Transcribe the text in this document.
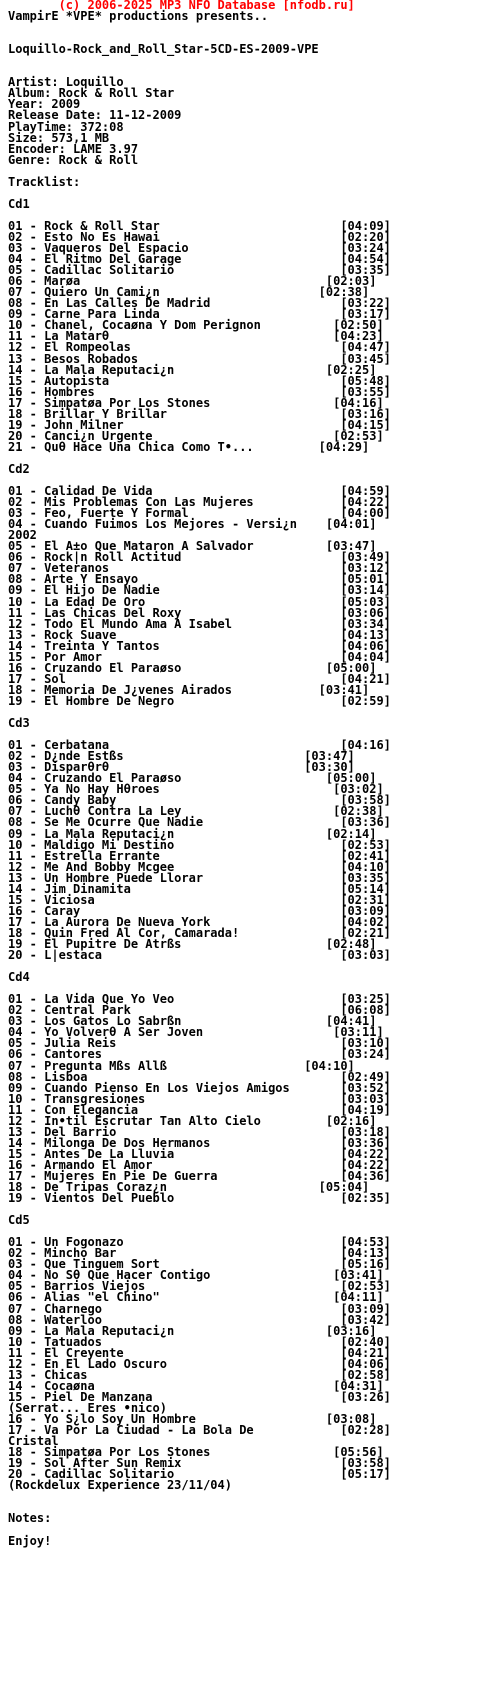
(c) 2006-2025 MP3 NFO Database [nfodb.ru]
VampirE *VPE* productions presents..

Loquillo-Rock_and_Roll_Star-5CD-ES-2009-VPE

Artist: Loquillo
Album: Rock & Roll Star
Year: 2009
Release Date: 11-12-2009
PlayTime: 372:08
Size: 573,1 MB
Encoder: LAME 3.97
Genre: Rock & Roll

Tracklist:

Cd1

01 - Rock & Roll Star                         [04:09]
02 - Esto No Es Hawai                         [02:20]
03 - Vaqueros Del Espacio                     [03:24]
04 - El Ritmo Del Garage                      [04:54]
05 - Cadillac Solitario                       [03:35]
06 - Marøa                                  [02:03]
07 - Quiero Un Cami¿n                      [02:38]
08 - En Las Calles De Madrid                  [03:22]
09 - Carne Para Linda                         [03:17]
10 - Chanel, Cocaøna Y Dom Perignon          [02:50]
11 - La Matarθ                               [04:23]
12 - El Rompeolas                             [04:47]
13 - Besos Robados                            [03:45]
14 - La Mala Reputaci¿n                     [02:25]
15 - Autopista                                [05:48]
16 - Hombres                                  [03:55]
17 - Simpatøa Por Los Stones                 [04:16]
18 - Brillar Y Brillar                        [03:16]
19 - John Milner                              [04:15]
20 - Canci¿n Urgente                         [02:53]
21 - Quθ Hace Una Chica Como T•...         [04:29]

Cd2

01 - Calidad De Vida                          [04:59]
02 - Mis Problemas Con Las Mujeres            [04:22]
03 - Feo, Fuerte Y Formal                     [04:00]
04 - Cuando Fuimos Los Mejores - Versi¿n    [04:01]
2002
05 - El A±o Que Mataron A Salvador          [03:47]
06 - Rock|n Roll Actitud                      [03:49]
07 - Veteranos                                [03:12]
08 - Arte Y Ensayo                            [05:01]
09 - El Hijo De Nadie                         [03:14]
10 - La Edad De Oro                           [05:03]
11 - Las Chicas Del Roxy                      [03:06]
12 - Todo El Mundo Ama A Isabel               [03:34]
13 - Rock Suave                               [04:13]
14 - Treinta Y Tantos                         [04:06]
15 - Por Amor                                 [04:04]
16 - Cruzando El Paraøso                    [05:00]
17 - Sol                                      [04:21]
18 - Memoria De J¿venes Airados            [03:41]
19 - El Hombre De Negro                       [02:59]

Cd3

01 - Cerbatana                                [04:16]
02 - D¿nde Estßs                         [03:47]
03 - Disparθrθ                           [03:30]
04 - Cruzando El Paraøso                    [05:00]
05 - Ya No Hay Hθroes                        [03:02]
06 - Candy Baby                               [03:58]
07 - Luchθ Contra La Ley                     [02:38]
08 - Se Me Ocurre Que Nadie                   [03:36]
09 - La Mala Reputaci¿n                     [02:14]
10 - Maldigo Mi Destino                       [02:53]
11 - Estrella Errante                         [02:41]
12 - Me And Bobby Mcgee                       [04:10]
13 - Un Hombre Puede Llorar                   [03:35]
14 - Jim Dinamita                             [05:14]
15 - Viciosa                                  [02:31]
16 - Caray                                    [03:09]
17 - La Aurora De Nueva York                  [04:02]
18 - Quin Fred Al Cor, Camarada!              [02:21]
19 - El Pupitre De Atrßs                    [02:48]
20 - L|estaca                                 [03:03]

Cd4

01 - La Vida Que Yo Veo                       [03:25]
02 - Central Park                             [06:08]
03 - Los Gatos Lo Sabrßn                    [04:41]
04 - Yo Volverθ A Ser Joven                  [03:11]
05 - Julia Reis                               [03:10]
06 - Cantores                                 [03:24]
07 - Pregunta Mßs Allß                   [04:10]
08 - Lisboa                                   [02:49]
09 - Cuando Pienso En Los Viejos Amigos       [03:52]
10 - Transgresiones                           [03:03]
11 - Con Elegancia                            [04:19]
12 - In•til Escrutar Tan Alto Cielo         [02:16]
13 - Del Barrio                               [03:18]
14 - Milonga De Dos Hermanos                  [03:36]
15 - Antes De La Lluvia                       [04:22]
16 - Armando El Amor                          [04:22]
17 - Mujeres En Pie De Guerra                 [04:36]
18 - De Tripas Coraz¿n                     [05:04]
19 - Vientos Del Pueblo                       [02:35]

Cd5

01 - Un Fogonazo                              [04:53]
02 - Mincho Bar                               [04:13]
03 - Que Tinguem Sort                         [05:16]
04 - No Sθ Que Hacer Contigo                 [03:41]
05 - Barrios Viejos                           [02:53]
06 - Alias "el Chino"                        [04:11]
07 - Charnego                                 [03:09]
08 - Waterloo                                 [03:42]
09 - La Mala Reputaci¿n                     [03:16]
10 - Tatuados                                 [02:40]
11 - El Creyente                              [04:21]
12 - En El Lado Oscuro                        [04:06]
13 - Chicas                                   [02:58]
14 - Cocaøna                                 [04:31]
15 - Piel De Manzana                          [03:26]
(Serrat... Eres •nico)
16 - Yo S¿lo Soy Un Hombre                  [03:08]
17 - Va Por La Ciudad - La Bola De            [02:28]
Cristal
18 - Simpatøa Por Los Stones                 [05:56]
19 - Sol After Sun Remix                      [03:58]
20 - Cadillac Solitario                       [05:17]
(Rockdelux Experience 23/11/04)

Notes:

Enjoy!
